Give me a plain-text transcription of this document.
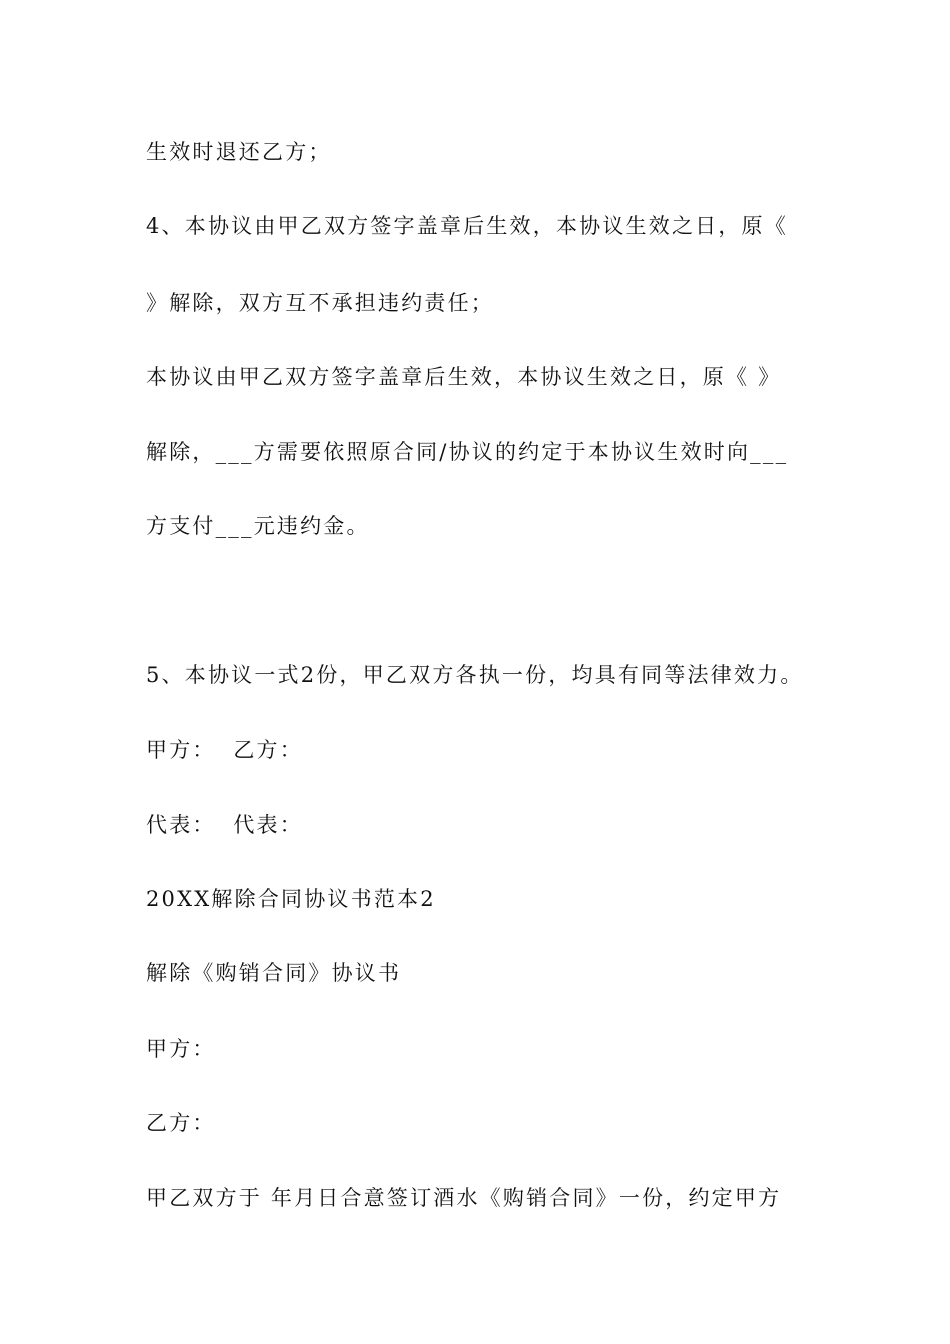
生效时退还乙方；

4、本协议由甲乙双方签字盖章后生效，本协议生效之日，原《

》解除，双方互不承担违约责任；

本协议由甲乙双方签字盖章后生效，本协议生效之日，原《 》

解除，___方需要依照原合同/协议的约定于本协议生效时向___

方支付___元违约金。

5、本协议一式2份，甲乙双方各执一份，均具有同等法律效力。

甲方：  乙方：

代表：  代表：

20XX解除合同协议书范本2

解除《购销合同》协议书

甲方：

乙方：

甲乙双方于 年月日合意签订酒水《购销合同》一份，约定甲方
